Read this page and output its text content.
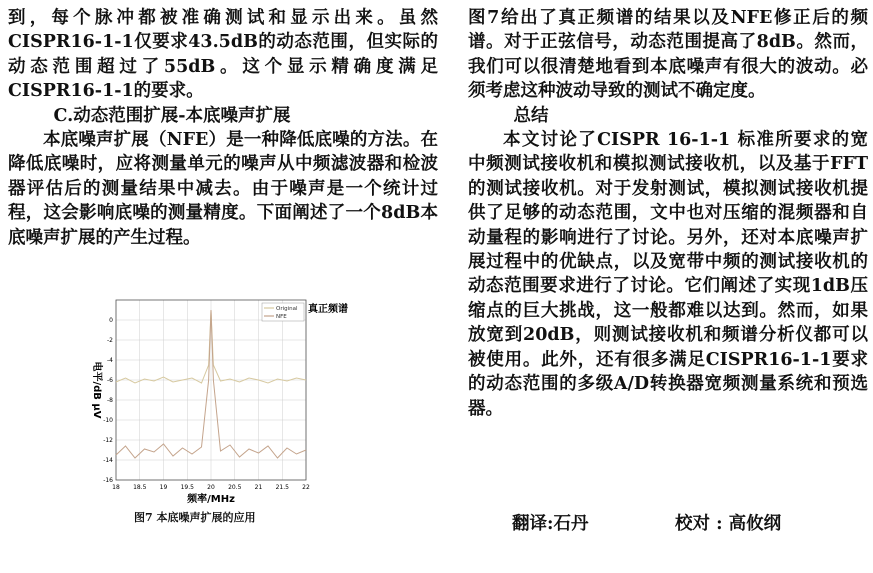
到，每个脉冲都被准确测试和显示出来。虽然CISPR16-1-1仅要求43.5dB的动态范围，但实际的动态范围超过了55dB。这个显示精确度满足CISPR16-1-1的要求。

C.动态范围扩展-本底噪声扩展

本底噪声扩展（NFE）是一种降低底噪的方法。在降低底噪时，应将测量单元的噪声从中频滤波器和检波器评估后的测量结果中减去。由于噪声是一个统计过程，这会影响底噪的测量精度。下面阐述了一个8dB本底噪声扩展的产生过程。

18 18.5 19 19.5 20 20.5 21 21.5 22
0
-2
-4
-6
-8
-10
-12
-14
-16
电平/dB μV
频率/MHz
Original
NFE
真正频谱
图7 本底噪声扩展的应用

图7给出了真正频谱的结果以及NFE修正后的频谱。对于正弦信号，动态范围提高了8dB。然而，我们可以很清楚地看到本底噪声有很大的波动。必须考虑这种波动导致的测试不确定度。

总结

本文讨论了CISPR 16-1-1 标准所要求的宽中频测试接收机和模拟测试接收机，以及基于FFT的测试接收机。对于发射测试，模拟测试接收机提供了足够的动态范围，文中也对压缩的混频器和自动量程的影响进行了讨论。另外，还对本底噪声扩展过程中的优缺点，以及宽带中频的测试接收机的动态范围要求进行了讨论。它们阐述了实现1dB压缩点的巨大挑战，这一般都难以达到。然而，如果放宽到20dB，则测试接收机和频谱分析仪都可以被使用。此外，还有很多满足CISPR16-1-1要求的动态范围的多级A/D转换器宽频测量系统和预选器。

翻译:石丹	校对 : 高攸纲
